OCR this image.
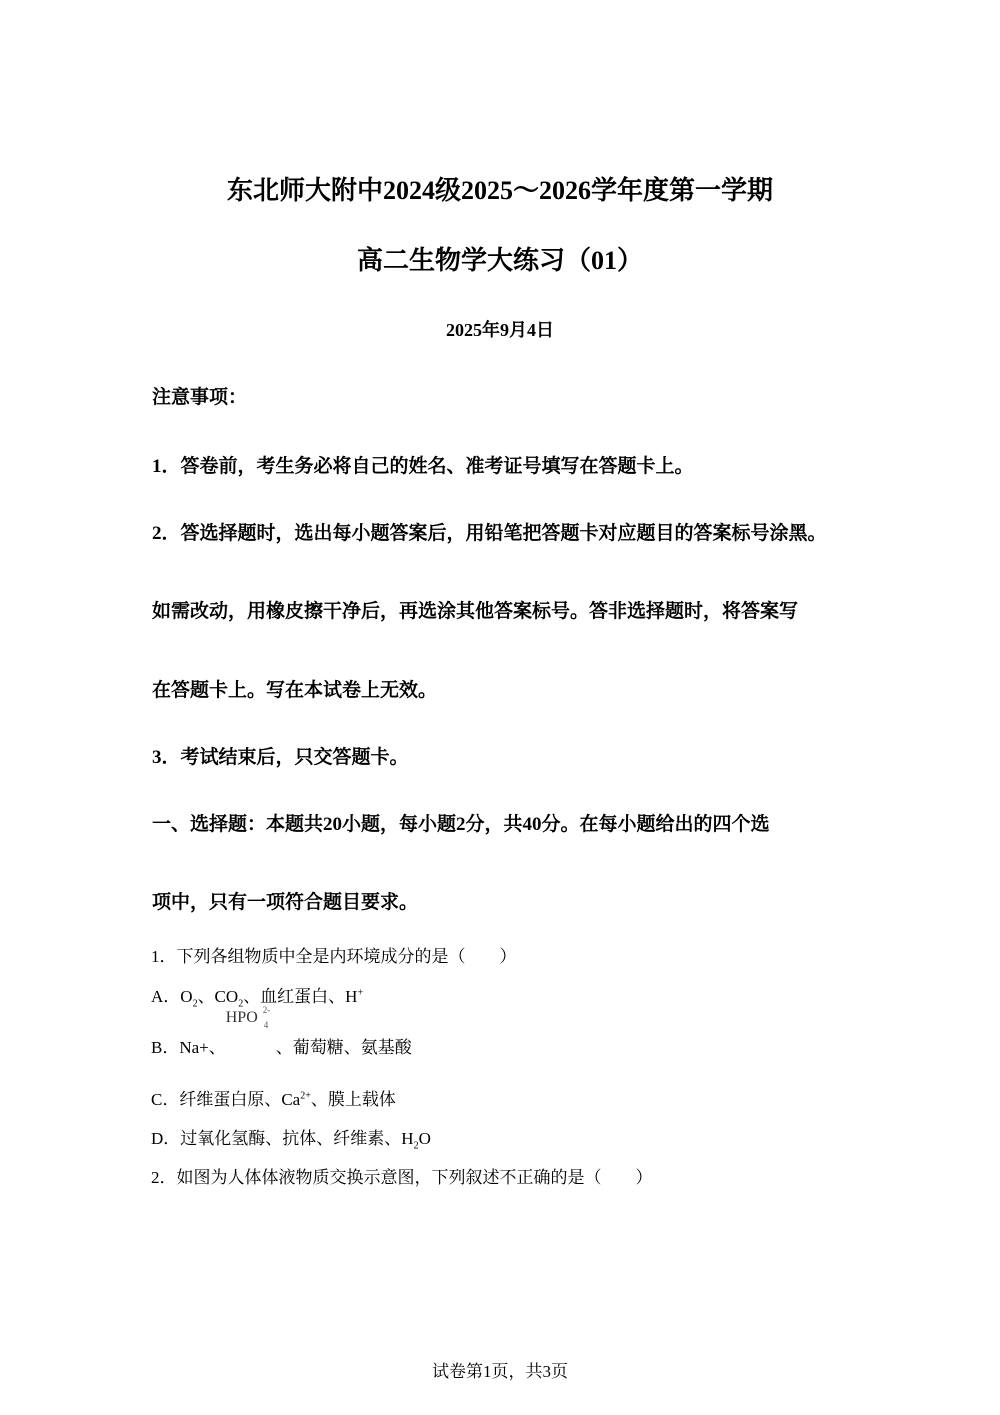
东北师大附中2024级2025～2026学年度第一学期
高二生物学大练习（01）
2025年9月4日
注意事项：
1．答卷前，考生务必将自己的姓名、准考证号填写在答题卡上。
2．答选择题时，选出每小题答案后，用铅笔把答题卡对应题目的答案标号涂黑。
如需改动，用橡皮擦干净后，再选涂其他答案标号。答非选择题时，将答案写
在答题卡上。写在本试卷上无效。
3．考试结束后，只交答题卡。
一、选择题：本题共20小题，每小题2分，共40分。在每小题给出的四个选
项中，只有一项符合题目要求。
1．下列各组物质中全是内环境成分的是（　　）
A．$O_2$、$CO_2$、血红蛋白、H+
B．Na+、
HPO 2-
4
、葡萄糖、氨基酸
C．纤维蛋白原、$Ca^{2+}$、膜上载体
D．过氧化氢酶、抗体、纤维素、$H_2O$
2．如图为人体体液物质交换示意图，下列叙述不正确的是（　　）
试卷第1页，共3页
